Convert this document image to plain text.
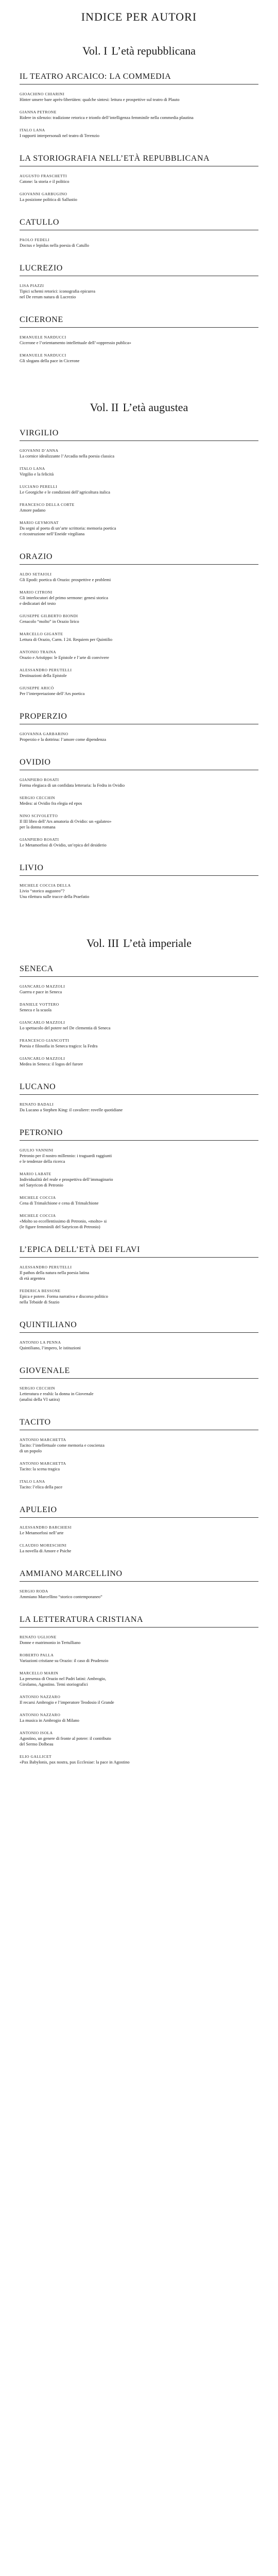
INDICE PER AUTORI
Vol. I L’età repubblicana
IL TEATRO ARCAICO: LA COMMEDIA
GIOACHINO CHIARINI
Hinter unsere bare après-libertäten: qualche sintesi: lettura e prospettive sul teatro di Plauto
GIANNA PETRONE
Ridere in silenzio: tradizione retorica e trionfo dell’intelligenza femminile nella commedia plautina
ITALO LANA
I rapporti interpersonali nel teatro di Terenzio
LA STORIOGRAFIA NELL’ETÀ REPUBBLICANA
AUGUSTO FRASCHETTI
Catone: la storia e il politico
GIOVANNI GARBUGINO
La posizione politica di Sallustio
CATULLO
PAOLO FEDELI
Doctus e lepidus nella poesia di Catullo
LUCREZIO
LISA PIAZZI
Tipici schemi retorici: iconografia epicurea
nel De rerum natura di Lucrezio
CICERONE
EMANUELE NARDUCCI
Cicerone e l’orientamento intellettuale dell’«oppressio publica»
EMANUELE NARDUCCI
Gli slogans della pace in Cicerone
Vol. II L’età augustea
VIRGILIO
GIOVANNI D’ANNA
La cornice idealizzante l’Arcadia nella poesia classica
ITALO LANA
Virgilio e la felicità
LUCIANO PERELLI
Le Georgiche e le condizioni dell’agricoltura italica
FRANCESCO DELLA CORTE
Amore padano
MARIO GEYMONAT
Da segni al poeta di un’arte scrittoria: memoria poetica
e ricostruzione nell’Eneide virgiliana
ORAZIO
ALDO SETAIOLI
Gli Epodi: poetica di Orazio: prospettive e problemi
MARIO CITRONI
Gli interlocutori del primo sermone: genesi storica
e dedicatari del testo
GIUSEPPE GILBERTO BIONDI
Cenacolo “molto” in Orazio lirico
MARCELLO GIGANTE
Lettura di Orazio, Carm. I 24. Requiem per Quintilio
ANTONIO TRAINA
Orazio e Aristippo: le Epistole e l’arte di convivere
ALESSANDRO PERUTELLI
Destinazioni della Epistole
GIUSEPPE ARICÒ
Per l’interpretazione dell’Ars poetica
PROPERZIO
GIOVANNA GARBARINO
Properzio e la dottrina: l’amore come dipendenza
OVIDIO
GIANPIERO ROSATI
Forma elegiaca di un confidata letteraria: la Fedra in Ovidio
SERGIO CECCHIN
Medea: ai Ovidio fra elegia ed epos
NINO SCIVOLETTO
Il III libro dell’Ars amatoria di Ovidio: un «galateo»
per la donna romana
GIANPIERO ROSATI
Le Metamorfosi di Ovidio, un’epica del desiderio
LIVIO
MICHELE COCCIA DELLA
Livio “storico augusteo”?
Una rilettura sulle tracce della Praefatio
Vol. III L’età imperiale
SENECA
GIANCARLO MAZZOLI
Guerra e pace in Seneca
DANIELE VOTTERO
Seneca e la scuola
GIANCARLO MAZZOLI
Lo spettacolo del potere nel De clementia di Seneca
FRANCESCO GIANCOTTI
Poesia e filosofia in Seneca tragico: la Fedra
GIANCARLO MAZZOLI
Medea in Seneca: il logos del furore
LUCANO
RENATO BADALI
Da Lucano a Stephen King: il cavaliere: rovelle quotidiane
PETRONIO
GIULIO VANNINI
Petronio per il nostro millennio: i traguardi raggiunti
e le tendenze della ricerca
MARIO LABATE
Individualità del reale e prospettiva dell’immaginario
nel Satyricon di Petronio
MICHELE COCCIA
Cena di Trimalchione e cena di Trimalchione
MICHELE COCCIA
«Molto so eccellentissimo di Petronio, «molto» si
(le figure femminili del Satyricon di Petronio)
L’EPICA DELL’ETÀ DEI FLAVI
ALESSANDRO PERUTELLI
Il pathos della natura nella poesia latina
di età argentea
FEDERICA BESSONE
Epica e potere. Forma narrativa e discorso politico
nella Tebaide di Stazio
QUINTILIANO
ANTONIO LA PENNA
Quintiliano, l’impero, le istituzioni
GIOVENALE
SERGIO CECCHIN
Letteratura e realtà: la donna in Giovenale
(analisi della VI satira)
TACITO
ANTONIO MARCHETTA
Tacito: l’intellettuale come memoria e coscienza
di un popolo
ANTONIO MARCHETTA
Tacito: la scena tragica
ITALO LANA
Tacito: l’elica della pace
APULEIO
ALESSANDRO BARCHIESI
Le Metamorfosi nell’arte
CLAUDIO MORESCHINI
La novella di Amore e Psiche
AMMIANO MARCELLINO
SERGIO RODA
Ammiano Marcellino “storico contemporaneo”
LA LETTERATURA CRISTIANA
RENATO UGLIONE
Donne e matrimonio in Tertulliano
ROBERTO PALLA
Variazioni cristiane su Orazio: il caso di Prudenzio
MARCELLO MARIN
La presenza di Orazio nel Padri latini: Ambrogio,
Girolamo, Agostino. Temi storiografici
ANTONIO NAZZARO
Il recarsi Ambrogio e l’imperatore Teodosio il Grande
ANTONIO NAZZARO
La musica in Ambrogio di Milano
ANTONIO ISOLA
Agostino, un genere di fronte al potere: il contributo
del Sermo Dolbeau
ELIO GALLICET
«Pax Babylonis, pax nostra, pax Ecclesiae: la pace in Agostino
